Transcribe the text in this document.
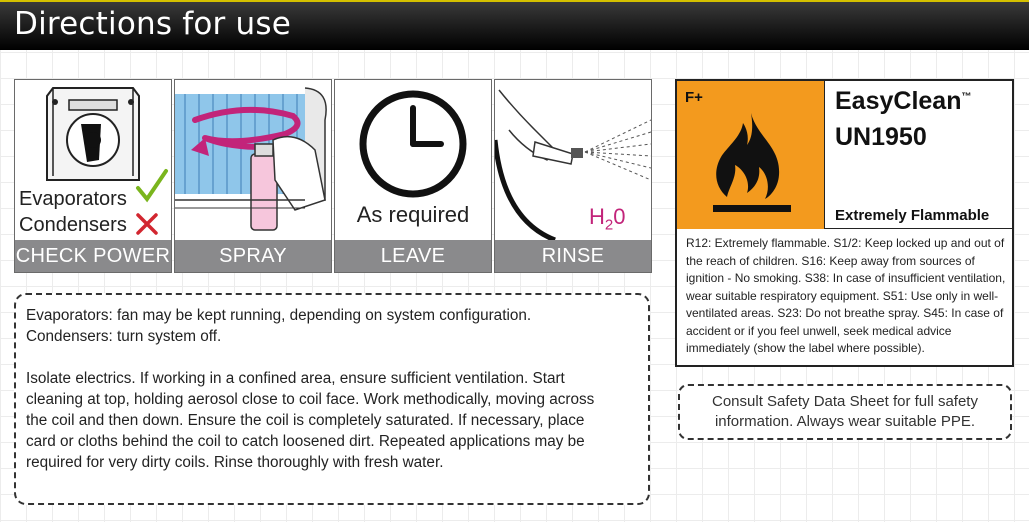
Directions for use
Evaporators
Condensers
CHECK POWER	SPRAY
As required
LEAVE
$H_20$
RINSE

Evaporators: fan may be kept running, depending on system configuration.
Condensers: turn system off.

Isolate electrics. If working in a confined area, ensure sufficient ventilation. Start
cleaning at top, holding aerosol close to coil face. Work methodically, moving across
the coil and then down. Ensure the coil is completely saturated. If necessary, place
card or cloths behind the coil to catch loosened dirt. Repeated applications may be
required for very dirty coils. Rinse thoroughly with fresh water.

F+	EasyClean™
UN1950
Extremely Flammable
R12: Extremely flammable. S1/2: Keep locked up and out of the reach of children. S16: Keep away from sources of ignition - No smoking. S38: In case of insufficient ventilation, wear suitable respiratory equipment. S51: Use only in well-ventilated areas. S23: Do not breathe spray. S45: In case of accident or if you feel unwell, seek medical advice immediately (show the label where possible).
Consult Safety Data Sheet for full safety information. Always wear suitable PPE.
